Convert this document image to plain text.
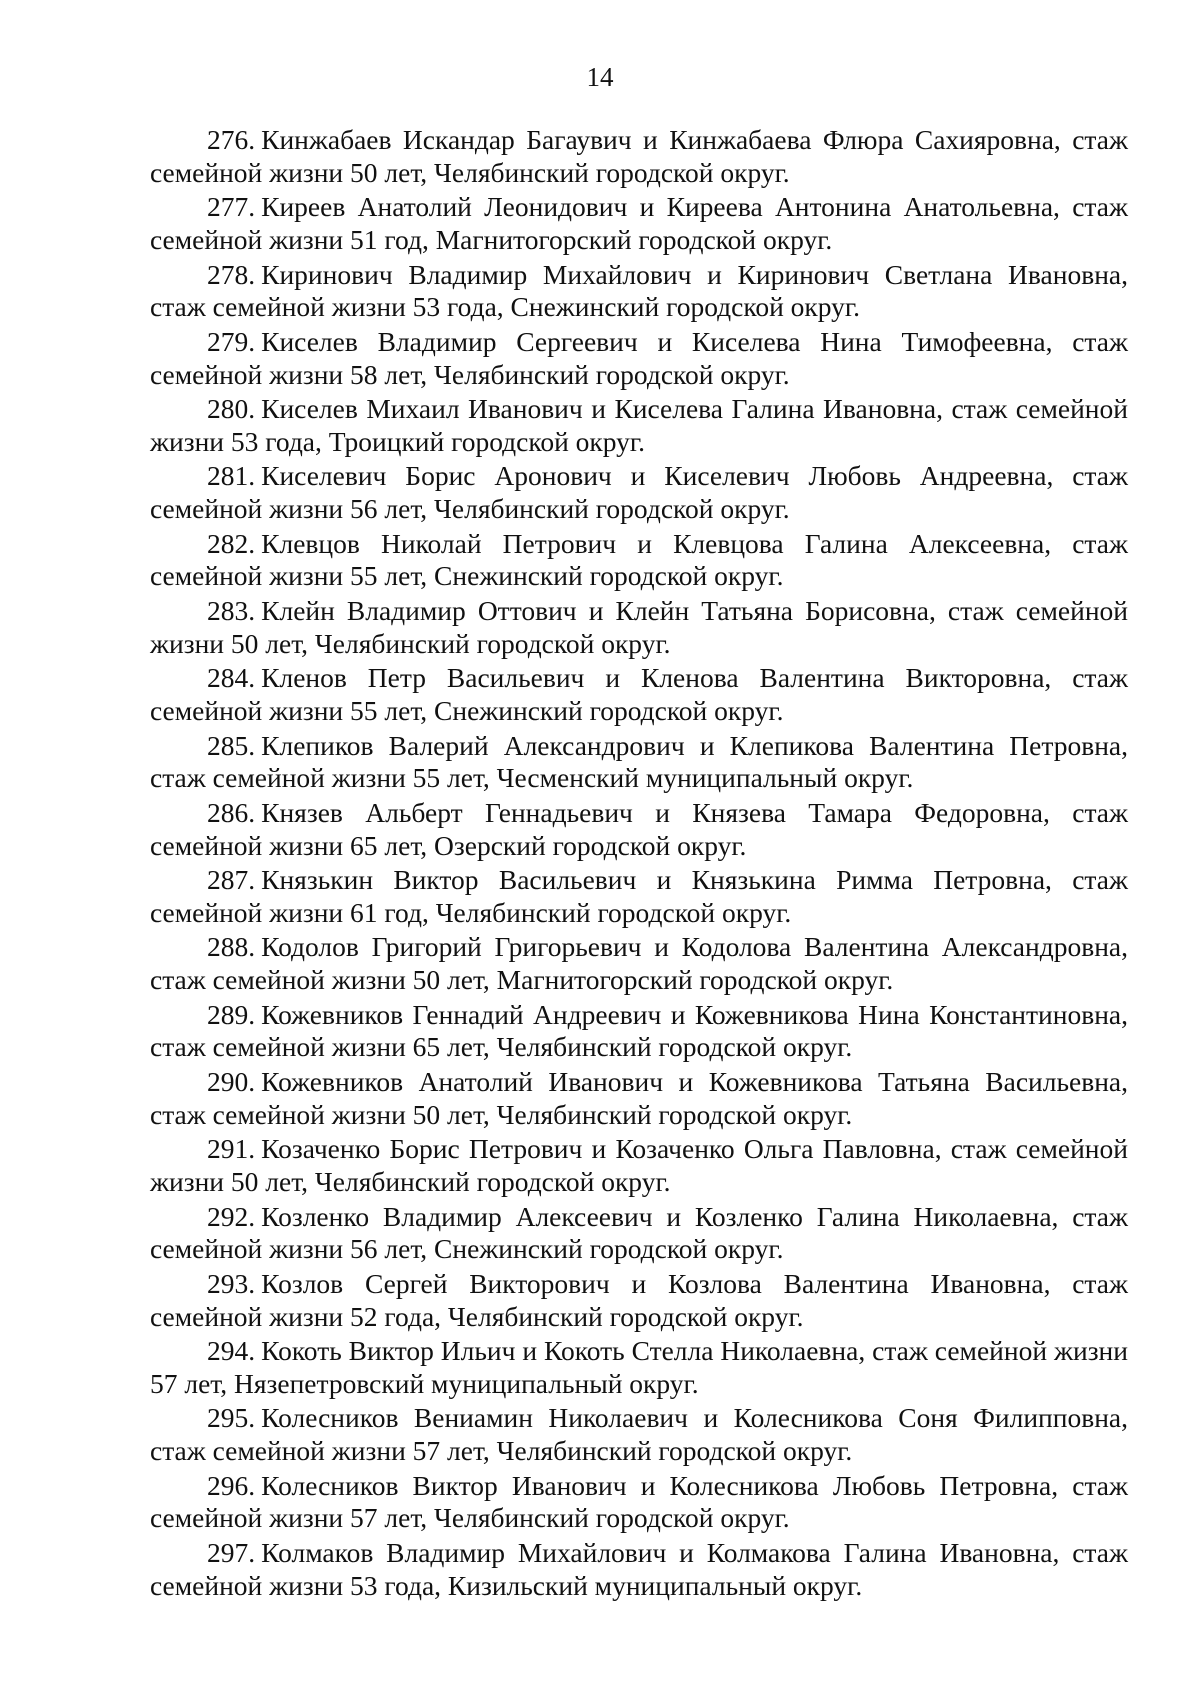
14

276. Кинжабаев Искандар Багаувич и Кинжабаева Флюра Сахияровна, стаж семейной жизни 50 лет, Челябинский городской округ.

277. Киреев Анатолий Леонидович и Киреева Антонина Анатольевна, стаж семейной жизни 51 год, Магнитогорский городской округ.

278. Киринович Владимир Михайлович и Киринович Светлана Ивановна, стаж семейной жизни 53 года, Снежинский городской округ.

279. Киселев Владимир Сергеевич и Киселева Нина Тимофеевна, стаж семейной жизни 58 лет, Челябинский городской округ.

280. Киселев Михаил Иванович и Киселева Галина Ивановна, стаж семейной жизни 53 года, Троицкий городской округ.

281. Киселевич Борис Аронович и Киселевич Любовь Андреевна, стаж семейной жизни 56 лет, Челябинский городской округ.

282. Клевцов Николай Петрович и Клевцова Галина Алексеевна, стаж семейной жизни 55 лет, Снежинский городской округ.

283. Клейн Владимир Оттович и Клейн Татьяна Борисовна, стаж семейной жизни 50 лет, Челябинский городской округ.

284. Кленов Петр Васильевич и Кленова Валентина Викторовна, стаж семейной жизни 55 лет, Снежинский городской округ.

285. Клепиков Валерий Александрович и Клепикова Валентина Петровна, стаж семейной жизни 55 лет, Чесменский муниципальный округ.

286. Князев Альберт Геннадьевич и Князева Тамара Федоровна, стаж семейной жизни 65 лет, Озерский городской округ.

287. Князькин Виктор Васильевич и Князькина Римма Петровна, стаж семейной жизни 61 год, Челябинский городской округ.

288. Кодолов Григорий Григорьевич и Кодолова Валентина Александровна, стаж семейной жизни 50 лет, Магнитогорский городской округ.

289. Кожевников Геннадий Андреевич и Кожевникова Нина Константиновна, стаж семейной жизни 65 лет, Челябинский городской округ.

290. Кожевников Анатолий Иванович и Кожевникова Татьяна Васильевна, стаж семейной жизни 50 лет, Челябинский городской округ.

291. Козаченко Борис Петрович и Козаченко Ольга Павловна, стаж семейной жизни 50 лет, Челябинский городской округ.

292. Козленко Владимир Алексеевич и Козленко Галина Николаевна, стаж семейной жизни 56 лет, Снежинский городской округ.

293. Козлов Сергей Викторович и Козлова Валентина Ивановна, стаж семейной жизни 52 года, Челябинский городской округ.

294. Кокоть Виктор Ильич и Кокоть Стелла Николаевна, стаж семейной жизни 57 лет, Нязепетровский муниципальный округ.

295. Колесников Вениамин Николаевич и Колесникова Соня Филипповна, стаж семейной жизни 57 лет, Челябинский городской округ.

296. Колесников Виктор Иванович и Колесникова Любовь Петровна, стаж семейной жизни 57 лет, Челябинский городской округ.

297. Колмаков Владимир Михайлович и Колмакова Галина Ивановна, стаж семейной жизни 53 года, Кизильский муниципальный округ.
